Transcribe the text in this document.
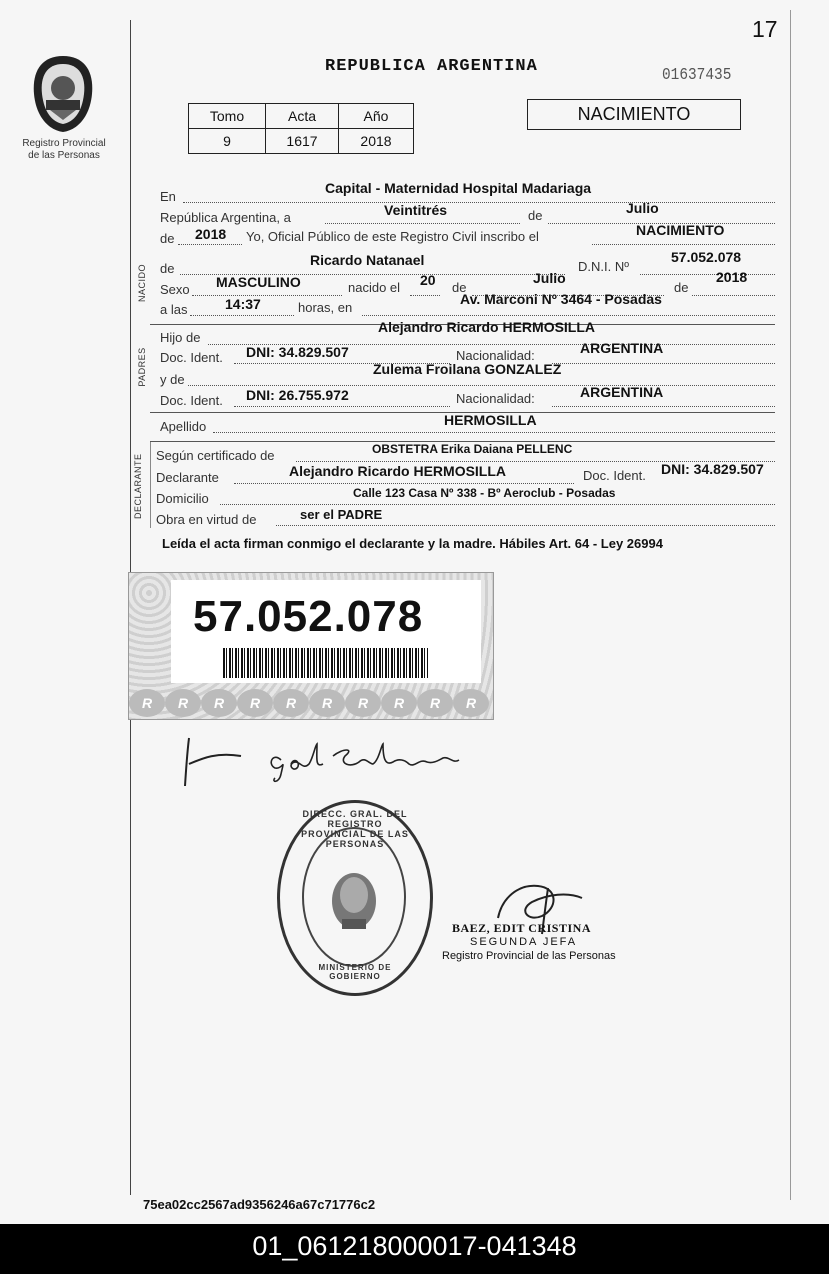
Registro Provincial
de las Personas
17
REPUBLICA ARGENTINA	01637435
Tomo	Acta	Año
9	1617	2018
NACIMIENTO
En
Capital - Maternidad Hospital Madariaga
República Argentina, a	Veintitrés	de	Julio
de 2018 Yo, Oficial Público de este Registro Civil inscribo el	NACIMIENTO
NACIDO de
Ricardo Natanael	D.N.I. Nº
57.052.078
Sexo MASCULINO	nacido el 20 de
Julio
de
2018
a las	14:37	horas, en
Av. Marconi Nº 3464 - Posadas
PADRES
Hijo de
Alejandro Ricardo HERMOSILLA
Doc. Ident. DNI: 34.829.507	Nacionalidad:	ARGENTINA
y de
Zulema Froilana GONZALEZ
Doc. Ident. DNI: 26.755.972	Nacionalidad:	ARGENTINA
Apellido	HERMOSILLA
DECLARANTE Según certificado de	OBSTETRA Erika Daiana PELLENC
Declarante	Alejandro Ricardo HERMOSILLA	Doc. Ident. DNI: 34.829.507
Domicilio	Calle 123 Casa Nº 338 - Bº Aeroclub - Posadas
Obra en virtud de	ser el PADRE
Leída el acta firman conmigo el declarante y la madre. Hábiles Art. 64 - Ley 26994
57.052.078
R	R	R	R	R	R	R	R	R	R
DIRECC. GRAL. DEL REGISTRO PROVINCIAL DE LAS PERSONAS
MINISTERIO DE GOBIERNO
BAEZ, EDIT CRISTINA
SEGUNDA JEFA
Registro Provincial de las Personas
75ea02cc2567ad9356246a67c71776c2
01_061218000017-041348
